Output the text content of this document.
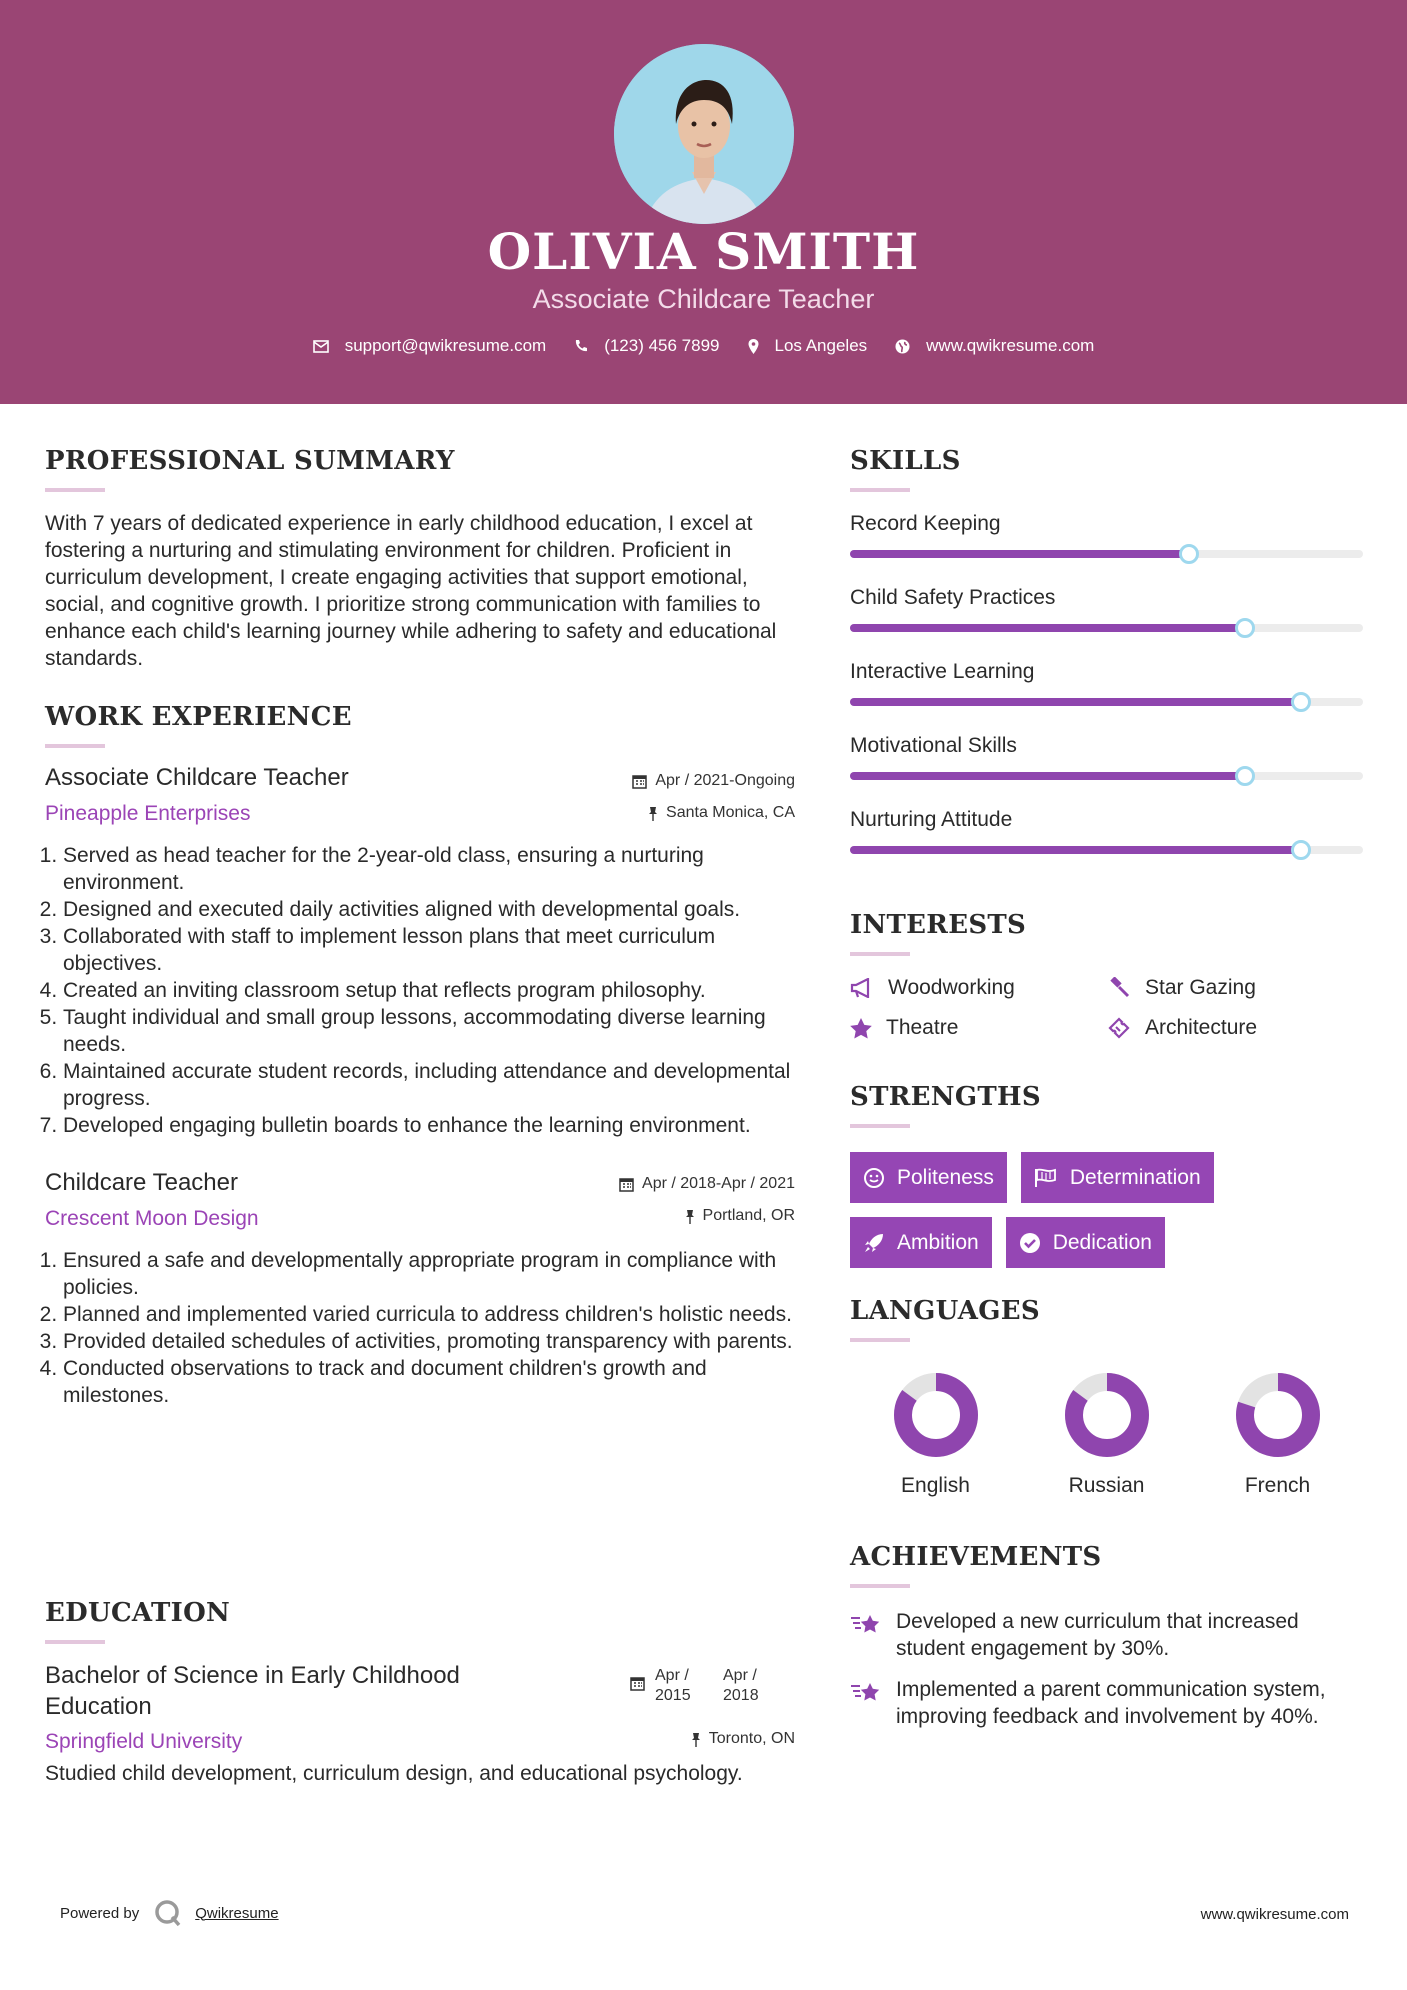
OLIVIA SMITH
Associate Childcare Teacher
support@qwikresume.com	(123) 456 7899	Los Angeles	www.qwikresume.com
PROFESSIONAL SUMMARY
With 7 years of dedicated experience in early childhood education, I excel at fostering a nurturing and stimulating environment for children. Proficient in curriculum development, I create engaging activities that support emotional, social, and cognitive growth. I prioritize strong communication with families to enhance each child's learning journey while adhering to safety and educational standards.
WORK EXPERIENCE
Apr / 2021-Ongoing
Santa Monica, CA
Associate Childcare Teacher
Pineapple Enterprises
1. Served as head teacher for the 2-year-old class, ensuring a nurturing environment.
2. Designed and executed daily activities aligned with developmental goals.
3. Collaborated with staff to implement lesson plans that meet curriculum objectives.
4. Created an inviting classroom setup that reflects program philosophy.
5. Taught individual and small group lessons, accommodating diverse learning needs.
6. Maintained accurate student records, including attendance and developmental progress.
7. Developed engaging bulletin boards to enhance the learning environment.
Apr / 2018-Apr / 2021
Portland, OR
Childcare Teacher
Crescent Moon Design
1. Ensured a safe and developmentally appropriate program in compliance with policies.
2. Planned and implemented varied curricula to address children's holistic needs.
3. Provided detailed schedules of activities, promoting transparency with parents.
4. Conducted observations to track and document children's growth and milestones.
EDUCATION
Apr / 2015
Apr / 2018
Toronto, ON
Bachelor of Science in Early Childhood Education
Springfield University
Studied child development, curriculum design, and educational psychology.
SKILLS
Record Keeping
Child Safety Practices
Interactive Learning
Motivational Skills
Nurturing Attitude
INTERESTS
Woodworking	Star Gazing
Theatre	Architecture
STRENGTHS
Politeness	Determination
Ambition	Dedication
LANGUAGES
English	Russian	French
ACHIEVEMENTS
Developed a new curriculum that increased student engagement by 30%.
Implemented a parent communication system, improving feedback and involvement by 40%.
Powered by	Qwikresume	www.qwikresume.com
